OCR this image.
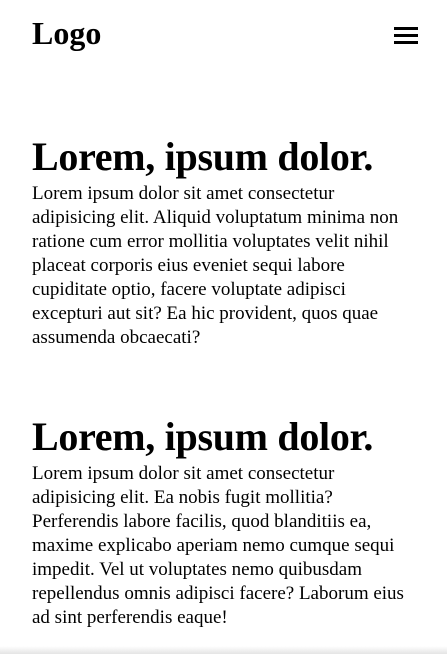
Logo
Lorem, ipsum dolor.

Lorem ipsum dolor sit amet consectetur adipisicing elit. Aliquid voluptatum minima non ratione cum error mollitia voluptates velit nihil placeat corporis eius eveniet sequi labore cupiditate optio, facere voluptate adipisci excepturi aut sit? Ea hic provident, quos quae assumenda obcaecati?

Lorem, ipsum dolor.

Lorem ipsum dolor sit amet consectetur adipisicing elit. Ea nobis fugit mollitia? Perferendis labore facilis, quod blanditiis ea, maxime explicabo aperiam nemo cumque sequi impedit. Vel ut voluptates nemo quibusdam repellendus omnis adipisci facere? Laborum eius ad sint perferendis eaque!
